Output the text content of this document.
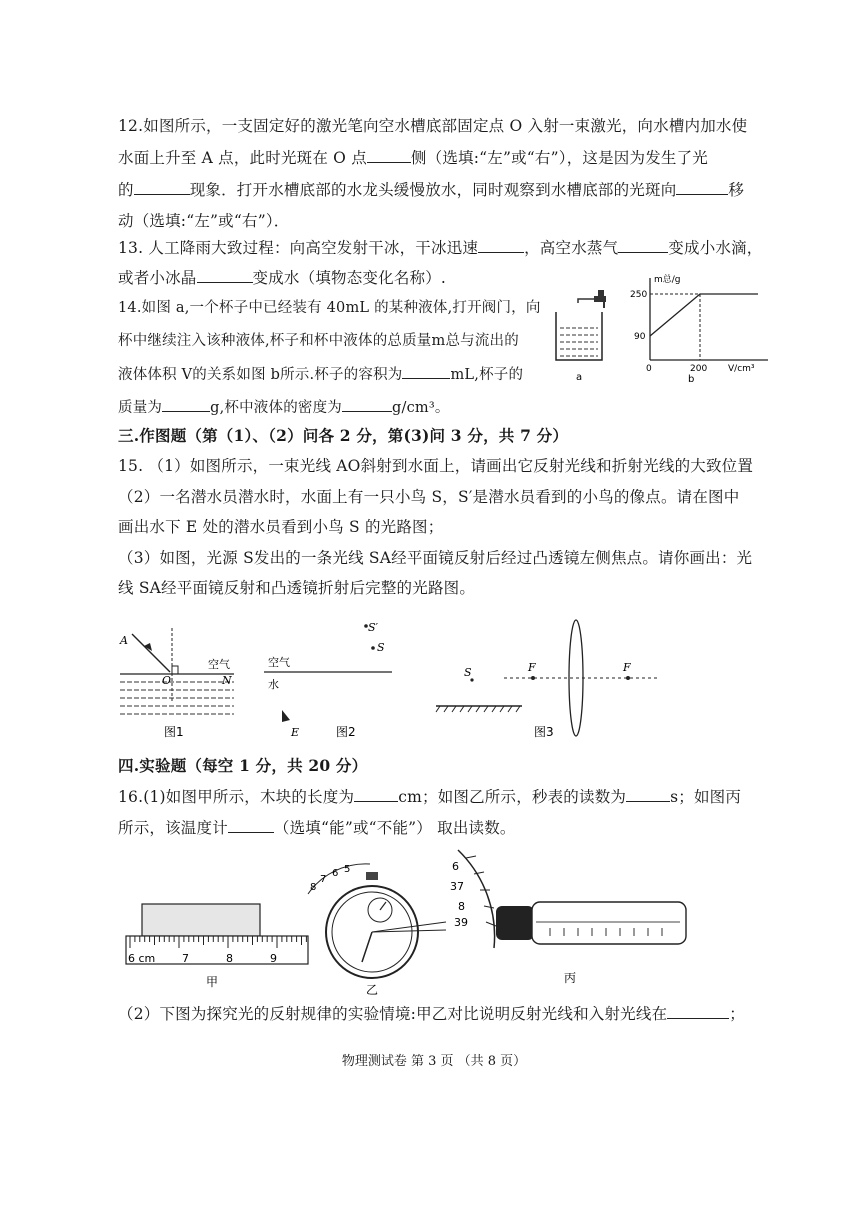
12.如图所示，一支固定好的激光笔向空水槽底部固定点 O 入射一束激光，向水槽内加水使
水面上升至 A 点，此时光斑在 O 点	侧（选填:“左”或“右”），这是因为发生了光
的	现象．打开水槽底部的水龙头缓慢放水，同时观察到水槽底部的光斑向	移
动（选填:“左”或“右”）．
13. 人工降雨大致过程：向高空发射干冰，干冰迅速	，高空水蒸气	变成小水滴，
或者小冰晶	变成水（填物态变化名称）.
14.如图 a,一个杯子中已经装有 40mL 的某种液体,打开阀门，向
杯中继续注入该种液体,杯子和杯中液体的总质量m总与流出的
液体体积 V的关系如图 b所示.杯子的容积为	mL,杯子的
质量为	g,杯中液体的密度为	g/cm³。
a
m总/g
250
90
0	200 V/cm³
b
三.作图题（第（1）、（2）问各 2 分，第(3)问 3 分，共 7 分）
15. （1）如图所示，一束光线 AO斜射到水面上，请画出它反射光线和折射光线的大致位置
（2）一名潜水员潜水时，水面上有一只小鸟 S，S′是潜水员看到的小鸟的像点。请在图中
画出水下 E 处的潜水员看到小鸟 S 的光路图；
（3）如图，光源 S发出的一条光线 SA经平面镜反射后经过凸透镜左侧焦点。请你画出：光
线 SA经平面镜反射和凸透镜折射后完整的光路图。
A
O	N
空气
图1
S′
S
空气
水
E	图2
S	F	F
图3
四.实验题（每空 1 分，共 20 分）
16.(1)如图甲所示，木块的长度为	cm；如图乙所示，秒表的读数为	s；如图丙
所示，该温度计	（选填“能”或“不能”） 取出读数。
6 cm 7	8	9
甲
8
7
6 5
乙
6
37
8
39
丙
（2）下图为探究光的反射规律的实验情境:甲乙对比说明反射光线和入射光线在	；
物理测试卷 第 3 页 （共 8 页）
